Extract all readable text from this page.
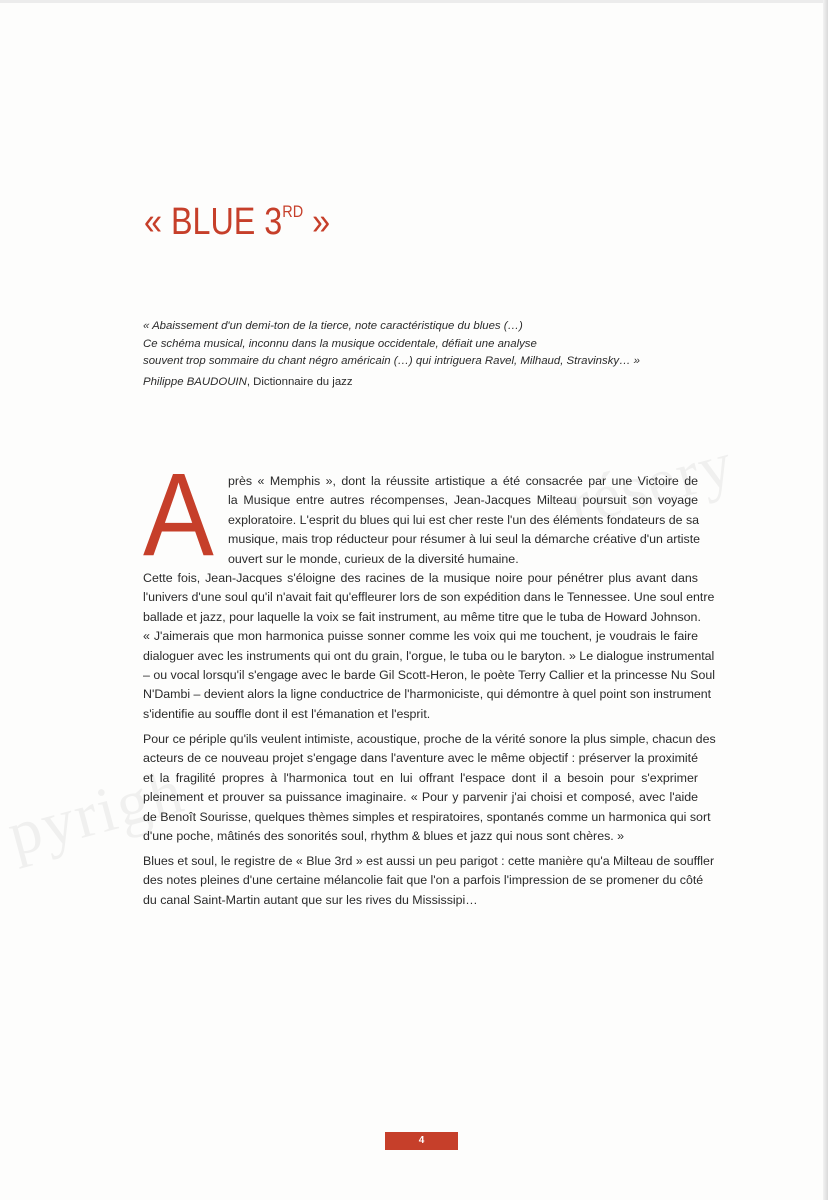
pyrigh
résery
« BLUE 3RD »
« Abaissement d'un demi-ton de la tierce, note caractéristique du blues (…)
Ce schéma musical, inconnu dans la musique occidentale, défiait une analyse
souvent trop sommaire du chant négro américain (…) qui intriguera Ravel, Milhaud, Stravinsky… »
Philippe BAUDOUIN, Dictionnaire du jazz
A près « Memphis », dont la réussite artistique a été consacrée par une Victoire de
la Musique entre autres récompenses, Jean-Jacques Milteau poursuit son voyage
exploratoire. L'esprit du blues qui lui est cher reste l'un des éléments fondateurs de sa
musique, mais trop réducteur pour résumer à lui seul la démarche créative d'un artiste
ouvert sur le monde, curieux de la diversité humaine.
Cette fois, Jean-Jacques s'éloigne des racines de la musique noire pour pénétrer plus avant dans
l'univers d'une soul qu'il n'avait fait qu'effleurer lors de son expédition dans le Tennessee. Une soul entre
ballade et jazz, pour laquelle la voix se fait instrument, au même titre que le tuba de Howard Johnson.
« J'aimerais que mon harmonica puisse sonner comme les voix qui me touchent, je voudrais le faire
dialoguer avec les instruments qui ont du grain, l'orgue, le tuba ou le baryton. » Le dialogue instrumental
– ou vocal lorsqu'il s'engage avec le barde Gil Scott-Heron, le poète Terry Callier et la princesse Nu Soul
N'Dambi – devient alors la ligne conductrice de l'harmoniciste, qui démontre à quel point son instrument
s'identifie au souffle dont il est l'émanation et l'esprit.
Pour ce périple qu'ils veulent intimiste, acoustique, proche de la vérité sonore la plus simple, chacun des
acteurs de ce nouveau projet s'engage dans l'aventure avec le même objectif : préserver la proximité
et la fragilité propres à l'harmonica tout en lui offrant l'espace dont il a besoin pour s'exprimer
pleinement et prouver sa puissance imaginaire. « Pour y parvenir j'ai choisi et composé, avec l'aide
de Benoît Sourisse, quelques thèmes simples et respiratoires, spontanés comme un harmonica qui sort
d'une poche, mâtinés des sonorités soul, rhythm & blues et jazz qui nous sont chères. »
Blues et soul, le registre de « Blue 3rd » est aussi un peu parigot : cette manière qu'a Milteau de souffler
des notes pleines d'une certaine mélancolie fait que l'on a parfois l'impression de se promener du côté
du canal Saint-Martin autant que sur les rives du Mississipi…
4
